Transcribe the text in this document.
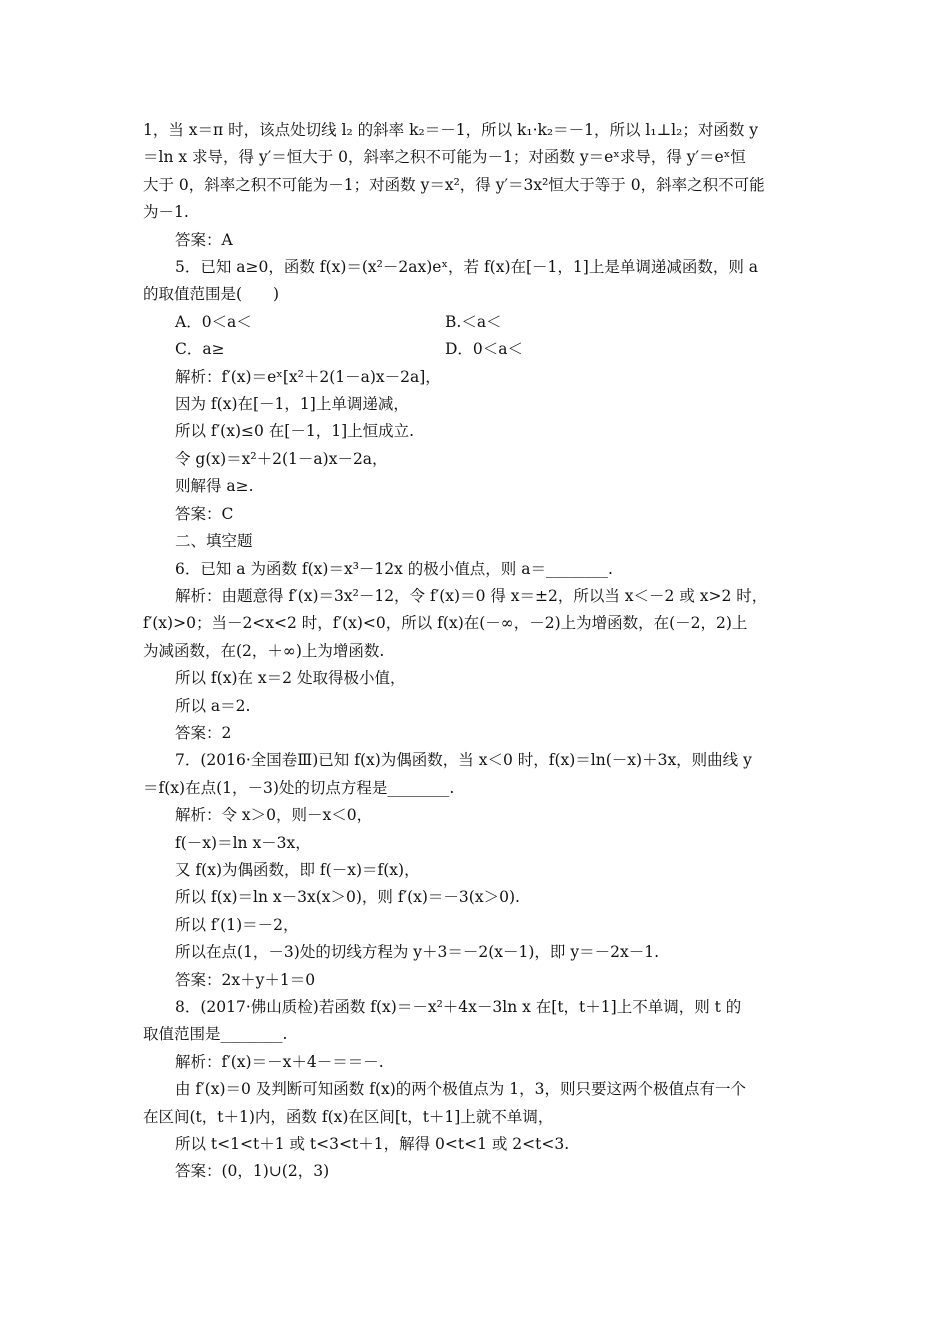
1，当 x＝π 时，该点处切线 l₂ 的斜率 k₂＝－1，所以 k₁·k₂＝－1，所以 l₁⊥l₂；对函数 y

＝ln x 求导，得 y′＝恒大于 0，斜率之积不可能为－1；对函数 y＝eˣ求导，得 y′＝eˣ恒

大于 0，斜率之积不可能为－1；对函数 y＝x²，得 y′＝3x²恒大于等于 0，斜率之积不可能

为－1.

答案：A

5．已知 a≥0，函数 f(x)＝(x²－2ax)eˣ，若 f(x)在[－1，1]上是单调递减函数，则 a

的取值范围是(　　)

A．0＜a＜	B.＜a＜
C．a≥	D．0＜a＜

解析：f′(x)＝eˣ[x²＋2(1－a)x－2a]，

因为 f(x)在[－1，1]上单调递减，

所以 f′(x)≤0 在[－1，1]上恒成立.

令 g(x)＝x²＋2(1－a)x－2a，

则解得 a≥.

答案：C

二、填空题

6．已知 a 为函数 f(x)＝x³－12x 的极小值点，则 a＝________.

解析：由题意得 f′(x)＝3x²－12，令 f′(x)＝0 得 x＝±2，所以当 x＜－2 或 x>2 时，

f′(x)>0；当－2<x<2 时，f′(x)<0，所以 f(x)在(－∞，－2)上为增函数，在(－2，2)上

为减函数，在(2，＋∞)上为增函数.

所以 f(x)在 x＝2 处取得极小值，

所以 a＝2.

答案：2

7．(2016·全国卷Ⅲ)已知 f(x)为偶函数，当 x＜0 时，f(x)＝ln(－x)＋3x，则曲线 y

＝f(x)在点(1，－3)处的切点方程是________.

解析：令 x＞0，则－x＜0，

f(－x)＝ln x－3x，

又 f(x)为偶函数，即 f(－x)＝f(x)，

所以 f(x)＝ln x－3x(x＞0)，则 f′(x)＝－3(x＞0).

所以 f′(1)＝－2，

所以在点(1，－3)处的切线方程为 y＋3＝－2(x－1)，即 y＝－2x－1.

答案：2x＋y＋1＝0

8．(2017·佛山质检)若函数 f(x)＝－x²＋4x－3ln x 在[t，t＋1]上不单调，则 t 的

取值范围是________.

解析：f′(x)＝－x＋4－＝＝－.

由 f′(x)＝0 及判断可知函数 f(x)的两个极值点为 1，3，则只要这两个极值点有一个

在区间(t，t＋1)内，函数 f(x)在区间[t，t＋1]上就不单调，

所以 t<1<t＋1 或 t<3<t＋1，解得 0<t<1 或 2<t<3.

答案：(0，1)∪(2，3)
